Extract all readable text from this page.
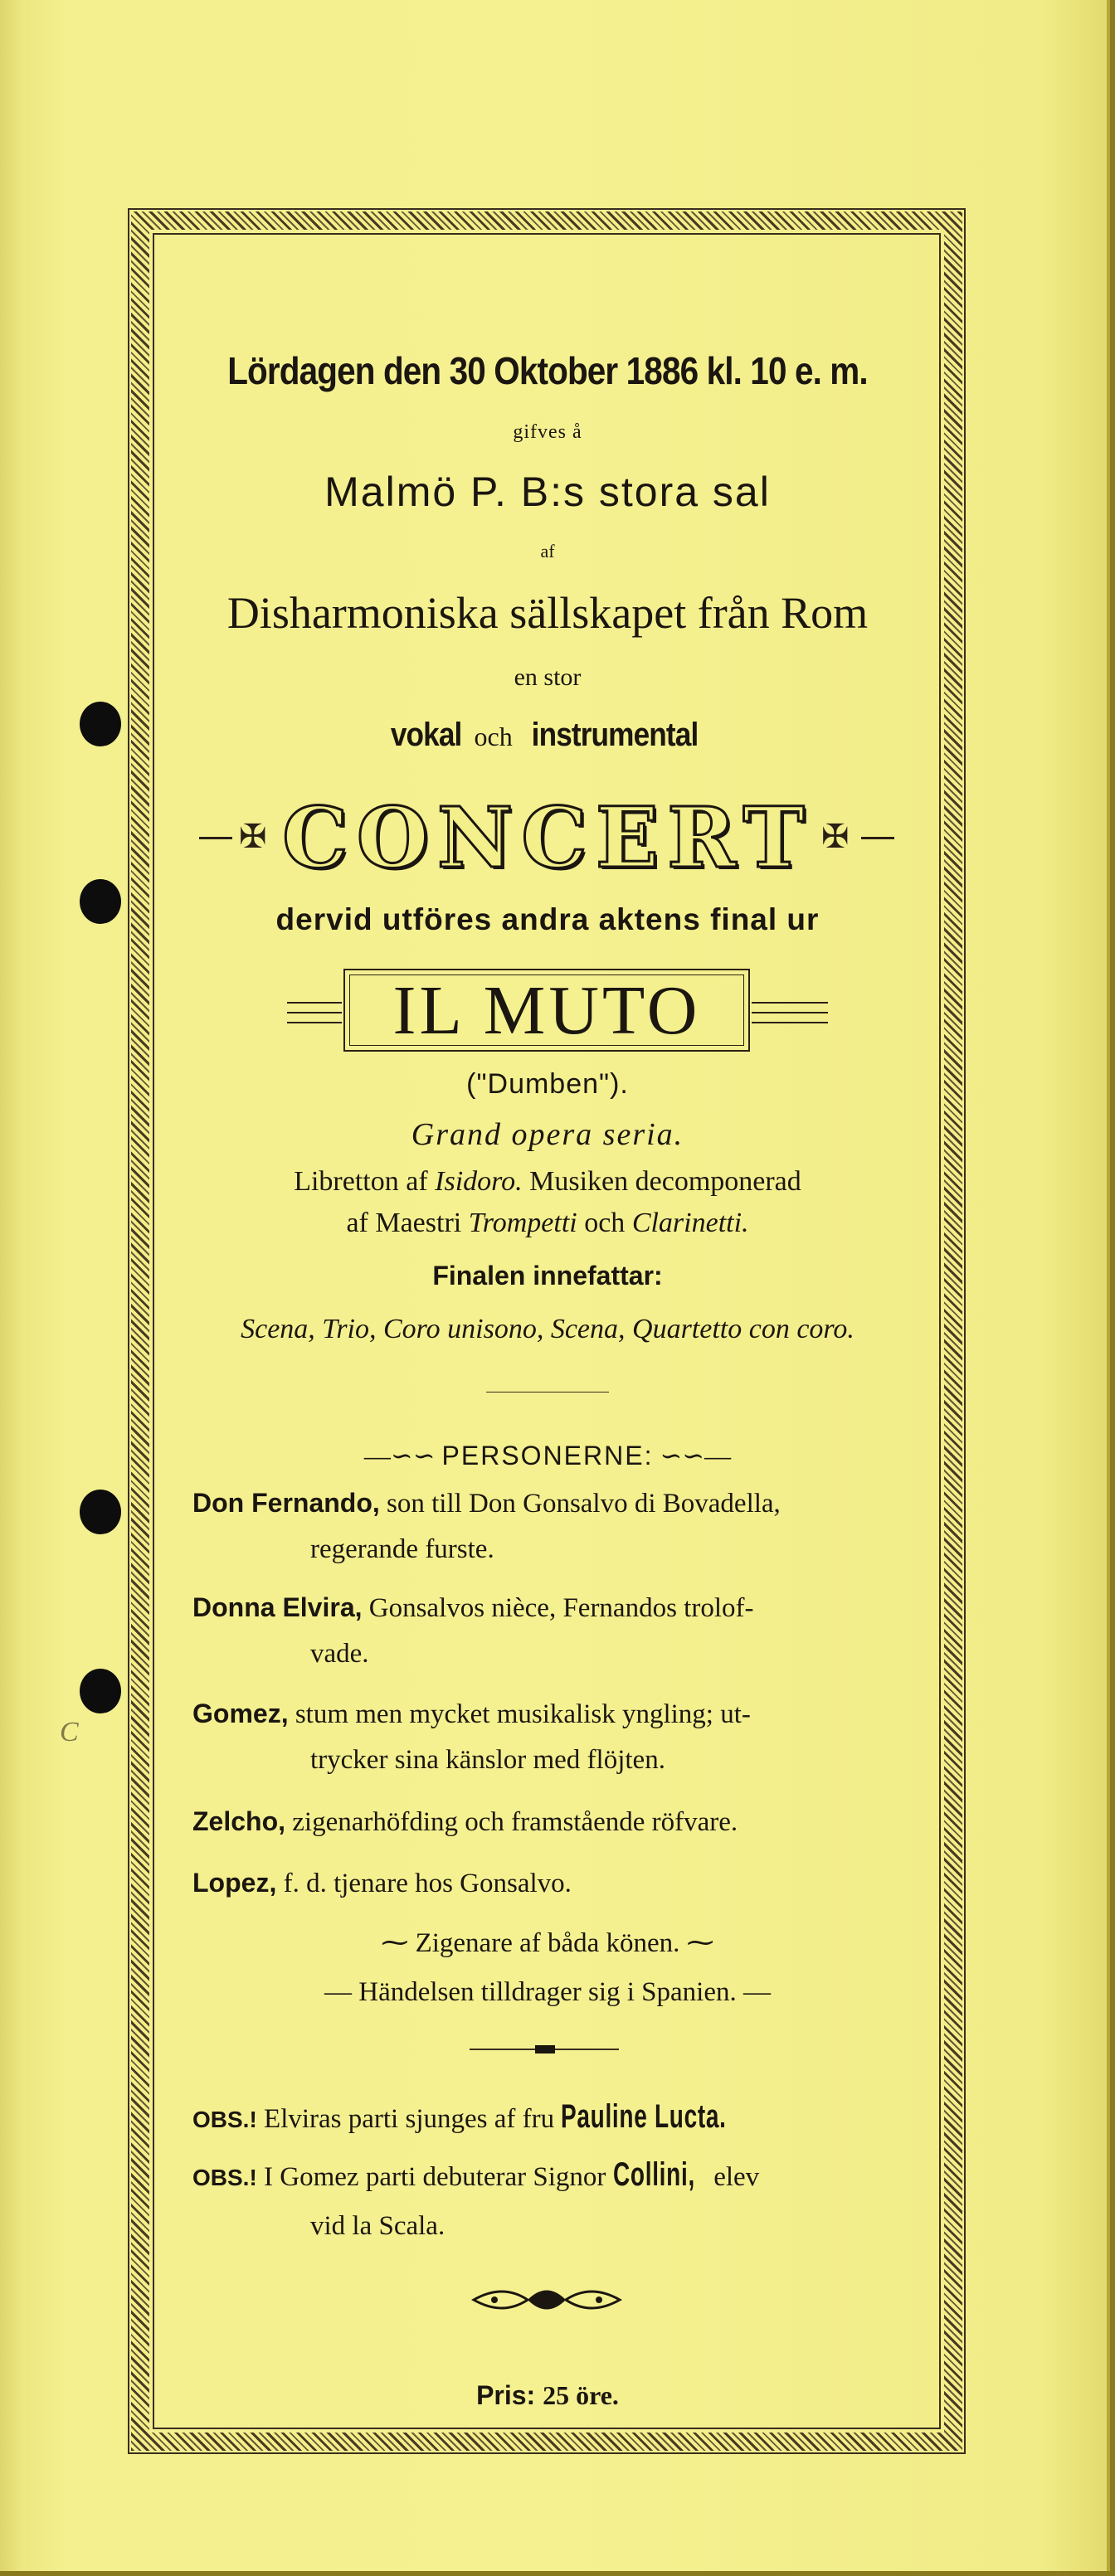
C
Lördagen den 30 Oktober 1886 kl. 10 e. m.
gifves å
Malmö P. B:s stora sal
af
Disharmoniska sällskapet från Rom
en stor
vokal och instrumental
✠ CONCERT ✠
dervid utföres andra aktens final ur
IL MUTO
("Dumben").
Grand opera seria.
Libretton af Isidoro. Musiken decomponerad
af Maestri Trompetti och Clarinetti.
Finalen innefattar:
Scena, Trio, Coro unisono, Scena, Quartetto con coro.
—∽∽ PERSONERNE: ∽∽—
Don Fernando, son till Don Gonsalvo di Bovadella,
regerande furste.
Donna Elvira, Gonsalvos nièce, Fernandos trolof-
vade.
Gomez, stum men mycket musikalisk yngling; ut-
trycker sina känslor med flöjten.
Zelcho, zigenarhöfding och framstående röfvare.
Lopez, f. d. tjenare hos Gonsalvo.
⁓ Zigenare af båda könen. ⁓
— Händelsen tilldrager sig i Spanien. —
OBS.! Elviras parti sjunges af fru Pauline Lucta.
OBS.! I Gomez parti debuterar Signor Collini, elev
vid la Scala.
Pris: 25 öre.
